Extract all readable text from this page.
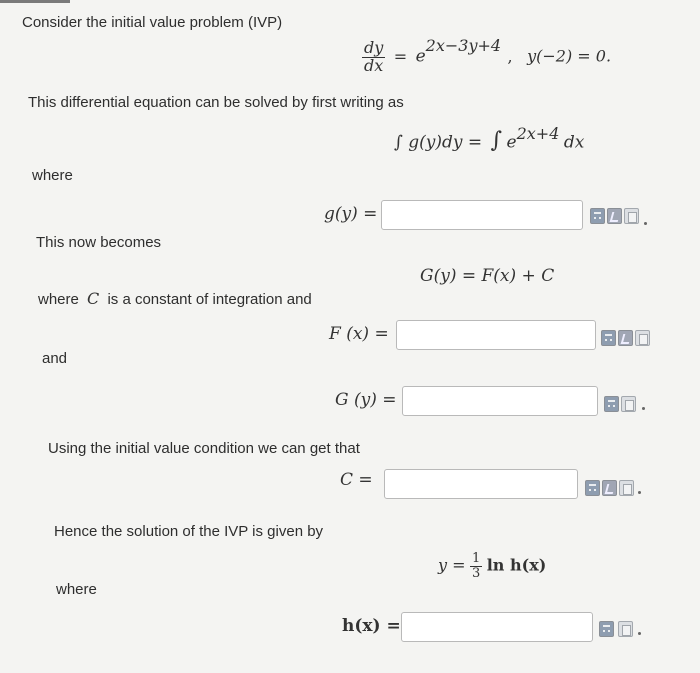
Consider the initial value problem (IVP)
$\frac{dy}{dx} = e^{2x-3y+4}$ , y(−2) = 0.
This differential equation can be solved by first writing as
∫ g(y)dy = ∫ $e^{2x+4}$ dx
where
g(y) =
This now becomes
G(y) = F(x) + C
where C is a constant of integration and
F (x) =
and
G (y) =
Using the initial value condition we can get that
C =
Hence the solution of the IVP is given by
$y = \frac{1}{3}$ ln h(x)
where
h(x) =
